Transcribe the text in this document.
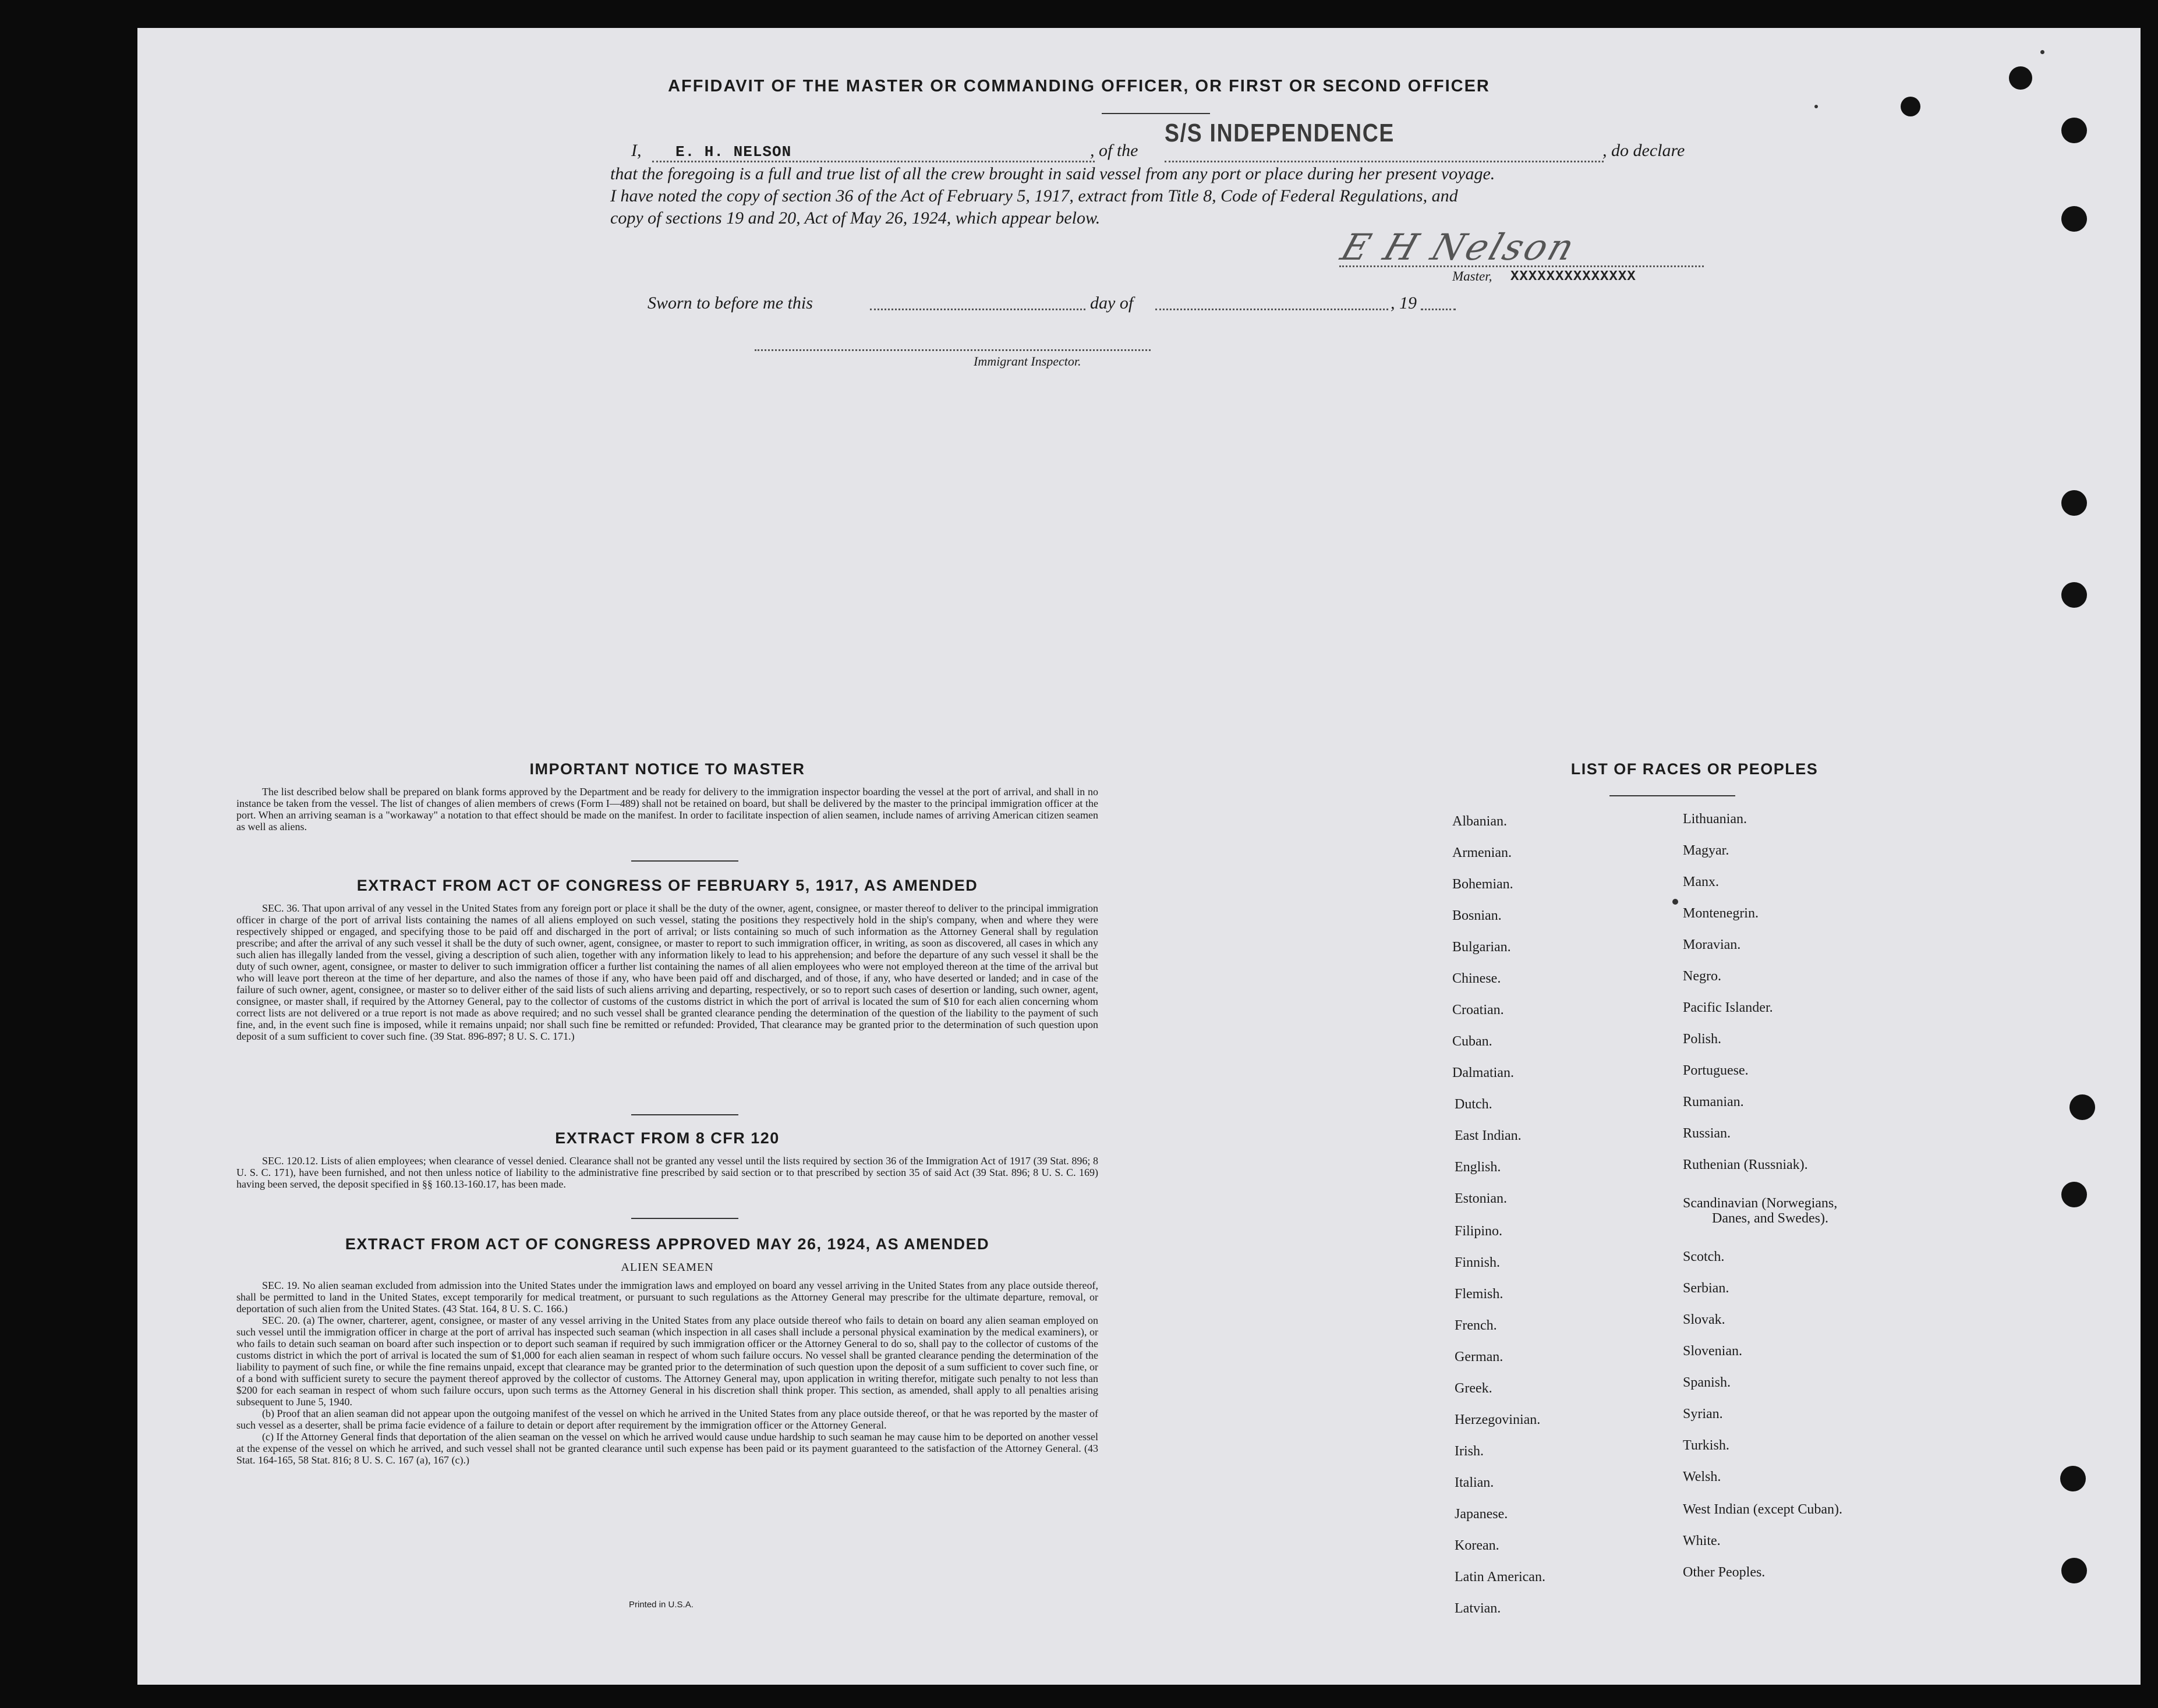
AFFIDAVIT OF THE MASTER OR COMMANDING OFFICER, OR FIRST OR SECOND OFFICER
I, E. H. NELSON	, of the
S/S INDEPENDENCE
, do declare
that the foregoing is a full and true list of all the crew brought in said vessel from any port or place during her present voyage.
I have noted the copy of section 36 of the Act of February 5, 1917, extract from Title 8, Code of Federal Regulations, and
copy of sections 19 and 20, Act of May 26, 1924, which appear below.
E H Nelson
Master, XXXXXXXXXXXXXX
Sworn to before me this	day of	, 19
Immigrant Inspector.
IMPORTANT NOTICE TO MASTER

The list described below shall be prepared on blank forms approved by the Department and be ready for delivery to the immigration inspector boarding the vessel at the port of arrival, and shall in no instance be taken from the vessel. The list of changes of alien members of crews (Form I—489) shall not be retained on board, but shall be delivered by the master to the principal immigration officer at the port. When an arriving seaman is a "workaway" a notation to that effect should be made on the manifest. In order to facilitate inspection of alien seamen, include names of arriving American citizen seamen as well as aliens.

EXTRACT FROM ACT OF CONGRESS OF FEBRUARY 5, 1917, AS AMENDED

SEC. 36. That upon arrival of any vessel in the United States from any foreign port or place it shall be the duty of the owner, agent, consignee, or master thereof to deliver to the principal immigration officer in charge of the port of arrival lists containing the names of all aliens employed on such vessel, stating the positions they respectively hold in the ship's company, when and where they were respectively shipped or engaged, and specifying those to be paid off and discharged in the port of arrival; or lists containing so much of such information as the Attorney General shall by regulation prescribe; and after the arrival of any such vessel it shall be the duty of such owner, agent, consignee, or master to report to such immigration officer, in writing, as soon as discovered, all cases in which any such alien has illegally landed from the vessel, giving a description of such alien, together with any information likely to lead to his apprehension; and before the departure of any such vessel it shall be the duty of such owner, agent, consignee, or master to deliver to such immigration officer a further list containing the names of all alien employees who were not employed thereon at the time of the arrival but who will leave port thereon at the time of her departure, and also the names of those if any, who have been paid off and discharged, and of those, if any, who have deserted or landed; and in case of the failure of such owner, agent, consignee, or master so to deliver either of the said lists of such aliens arriving and departing, respectively, or so to report such cases of desertion or landing, such owner, agent, consignee, or master shall, if required by the Attorney General, pay to the collector of customs of the customs district in which the port of arrival is located the sum of $10 for each alien concerning whom correct lists are not delivered or a true report is not made as above required; and no such vessel shall be granted clearance pending the determination of the question of the liability to the payment of such fine, and, in the event such fine is imposed, while it remains unpaid; nor shall such fine be remitted or refunded: Provided, That clearance may be granted prior to the determination of such question upon deposit of a sum sufficient to cover such fine. (39 Stat. 896-897; 8 U. S. C. 171.)

EXTRACT FROM 8 CFR 120

SEC. 120.12. Lists of alien employees; when clearance of vessel denied. Clearance shall not be granted any vessel until the lists required by section 36 of the Immigration Act of 1917 (39 Stat. 896; 8 U. S. C. 171), have been furnished, and not then unless notice of liability to the administrative fine prescribed by said section or to that prescribed by section 35 of said Act (39 Stat. 896; 8 U. S. C. 169) having been served, the deposit specified in §§ 160.13-160.17, has been made.

EXTRACT FROM ACT OF CONGRESS APPROVED MAY 26, 1924, AS AMENDED
ALIEN SEAMEN

SEC. 19. No alien seaman excluded from admission into the United States under the immigration laws and employed on board any vessel arriving in the United States from any place outside thereof, shall be permitted to land in the United States, except temporarily for medical treatment, or pursuant to such regulations as the Attorney General may prescribe for the ultimate departure, removal, or deportation of such alien from the United States. (43 Stat. 164, 8 U. S. C. 166.)

SEC. 20. (a) The owner, charterer, agent, consignee, or master of any vessel arriving in the United States from any place outside thereof who fails to detain on board any alien seaman employed on such vessel until the immigration officer in charge at the port of arrival has inspected such seaman (which inspection in all cases shall include a personal physical examination by the medical examiners), or who fails to detain such seaman on board after such inspection or to deport such seaman if required by such immigration officer or the Attorney General to do so, shall pay to the collector of customs of the customs district in which the port of arrival is located the sum of $1,000 for each alien seaman in respect of whom such failure occurs. No vessel shall be granted clearance pending the determination of the liability to payment of such fine, or while the fine remains unpaid, except that clearance may be granted prior to the determination of such question upon the deposit of a sum sufficient to cover such fine, or of a bond with sufficient surety to secure the payment thereof approved by the collector of customs. The Attorney General may, upon application in writing therefor, mitigate such penalty to not less than $200 for each seaman in respect of whom such failure occurs, upon such terms as the Attorney General in his discretion shall think proper. This section, as amended, shall apply to all penalties arising subsequent to June 5, 1940.

(b) Proof that an alien seaman did not appear upon the outgoing manifest of the vessel on which he arrived in the United States from any place outside thereof, or that he was reported by the master of such vessel as a deserter, shall be prima facie evidence of a failure to detain or deport after requirement by the immigration officer or the Attorney General.

(c) If the Attorney General finds that deportation of the alien seaman on the vessel on which he arrived would cause undue hardship to such seaman he may cause him to be deported on another vessel at the expense of the vessel on which he arrived, and such vessel shall not be granted clearance until such expense has been paid or its payment guaranteed to the satisfaction of the Attorney General. (43 Stat. 164-165, 58 Stat. 816; 8 U. S. C. 167 (a), 167 (c).)

Printed in U.S.A.
LIST OF RACES OR PEOPLES
Albanian.
Armenian.
Bohemian.
Bosnian.
Bulgarian.
Chinese.
Croatian.
Cuban.
Dalmatian.
Dutch.
East Indian.
English.
Estonian.
Filipino.
Finnish.
Flemish.
French.
German.
Greek.
Herzegovinian.
Irish.
Italian.
Japanese.
Korean.
Latin American.
Latvian.
Lithuanian.
Magyar.
Manx.
Montenegrin.
Moravian.
Negro.
Pacific Islander.
Polish.
Portuguese.
Rumanian.
Russian.
Ruthenian (Russniak).
Scandinavian (Norwegians,
Danes, and Swedes).
Scotch.
Serbian.
Slovak.
Slovenian.
Spanish.
Syrian.
Turkish.
Welsh.
West Indian (except Cuban).
White.
Other Peoples.
